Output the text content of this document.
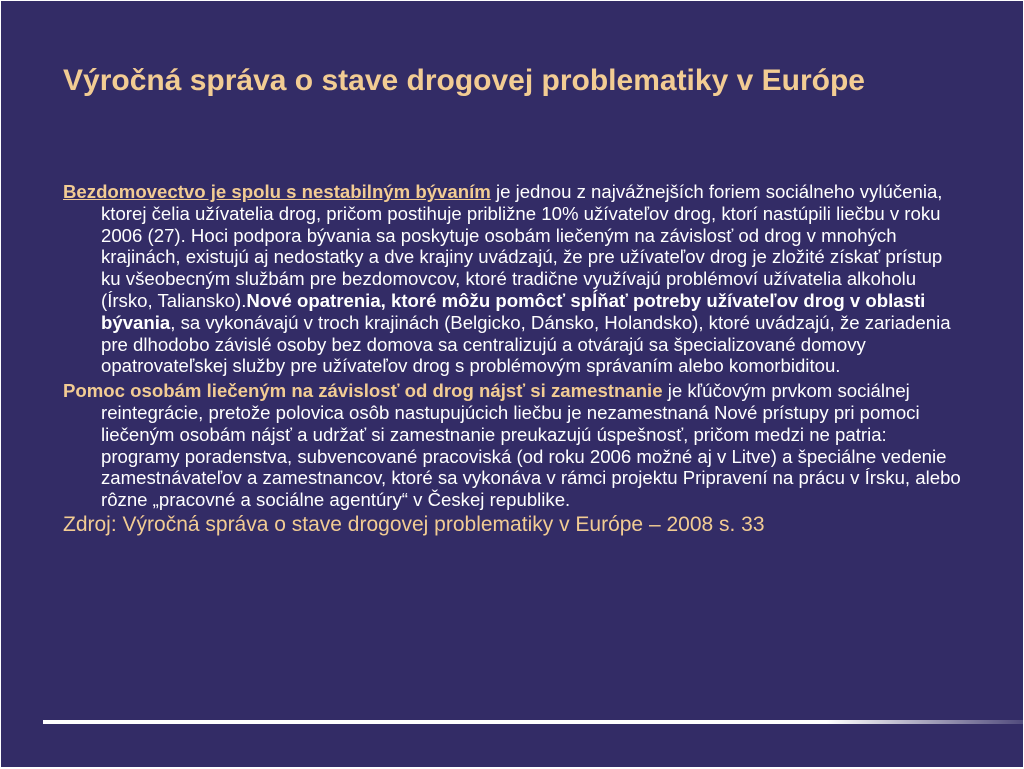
Výročná správa o stave drogovej problematiky v Európe

Bezdomovectvo je spolu s nestabilným bývaním je jednou z najvážnejších foriem sociálneho vylúčenia, ktorej čelia užívatelia drog, pričom postihuje približne 10% užívateľov drog, ktorí nastúpili liečbu v roku 2006 (27). Hoci podpora bývania sa poskytuje osobám liečeným na závislosť od drog v mnohých krajinách, existujú aj nedostatky a dve krajiny uvádzajú, že pre užívateľov drog je zložité získať prístup ku všeobecným službám pre bezdomovcov, ktoré tradične využívajú problémoví užívatelia alkoholu (Írsko, Taliansko).Nové opatrenia, ktoré môžu pomôcť spĺňať potreby užívateľov drog v oblasti bývania, sa vykonávajú v troch krajinách (Belgicko, Dánsko, Holandsko), ktoré uvádzajú, že zariadenia pre dlhodobo závislé osoby bez domova sa centralizujú a otvárajú sa špecializované domovy opatrovateľskej služby pre užívateľov drog s problémovým správaním alebo komorbiditou.

Pomoc osobám liečeným na závislosť od drog nájsť si zamestnanie je kľúčovým prvkom sociálnej reintegrácie, pretože polovica osôb nastupujúcich liečbu je nezamestnaná Nové prístupy pri pomoci liečeným osobám nájsť a udržať si zamestnanie preukazujú úspešnosť, pričom medzi ne patria: programy poradenstva, subvencované pracoviská (od roku 2006 možné aj v Litve) a špeciálne vedenie zamestnávateľov a zamestnancov, ktoré sa vykonáva v rámci projektu Pripravení na prácu v Írsku, alebo rôzne „pracovné a sociálne agentúry“ v Českej republike.

Zdroj: Výročná správa o stave drogovej problematiky v Európe – 2008 s. 33
